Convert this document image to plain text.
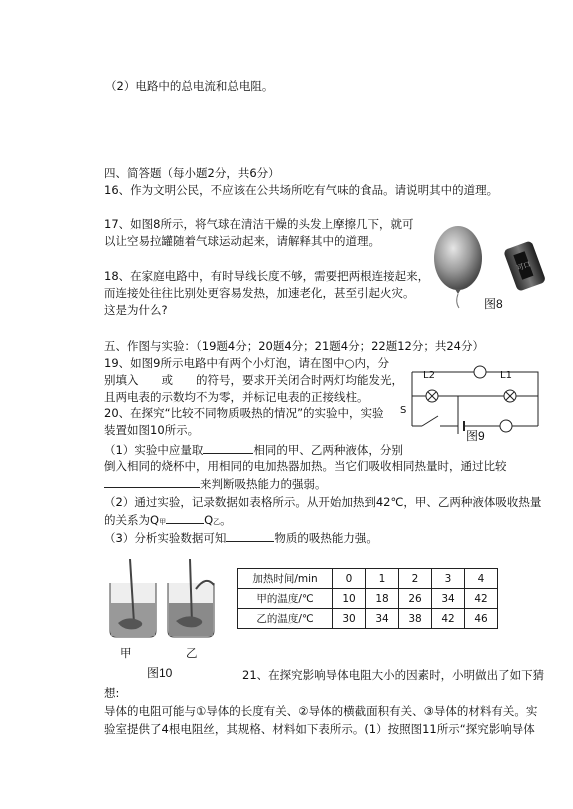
（2）电路中的总电流和总电阻。
四、简答题（每小题2分，共6分）
16、作为文明公民，不应该在公共场所吃有气味的食品。请说明其中的道理。
17、如图8所示，将气球在清洁干燥的头发上摩擦几下，就可
以让空易拉罐随着气球运动起来，请解释其中的道理。
18、在家庭电路中，有时导线长度不够，需要把两根连接起来，
而连接处往往比别处更容易发热，加速老化，甚至引起火灾。
这是为什么?
可口
图8
五、作图与实验：（19题4分；20题4分；21题4分；22题12分；共24分）
19、如图9所示电路中有两个小灯泡，请在图中○内，分
别填入　　或　　的符号，要求开关闭合时两灯均能发光，
且两电表的示数均不为零，并标记电表的正接线柱。
L2	L1
S
图9
20、在探究“比较不同物质吸热的情况”的实验中，实验
装置如图10所示。
（1）实验中应量取	相同的甲、乙两种液体，分别
倒入相同的烧杯中，用相同的电加热器加热。当它们吸收相同热量时，通过比较
来判断吸热能力的强弱。
（2）通过实验，记录数据如表格所示。从开始加热到42℃，甲、乙两种液体吸收热量
的关系为Q甲	Q乙。
（3）分析实验数据可知	物质的吸热能力强。
甲	乙
图10
加热时间/min	0	1	2	3	4
甲的温度/℃	10	18	26	34	42
乙的温度/℃	30	34	38	42	46
21、在探究影响导体电阻大小的因素时，小明做出了如下猜
想:
导体的电阻可能与①导体的长度有关、②导体的横截面积有关、③导体的材料有关。实
验室提供了4根电阻丝，其规格、材料如下表所示。(1）按照图11所示“探究影响导体
